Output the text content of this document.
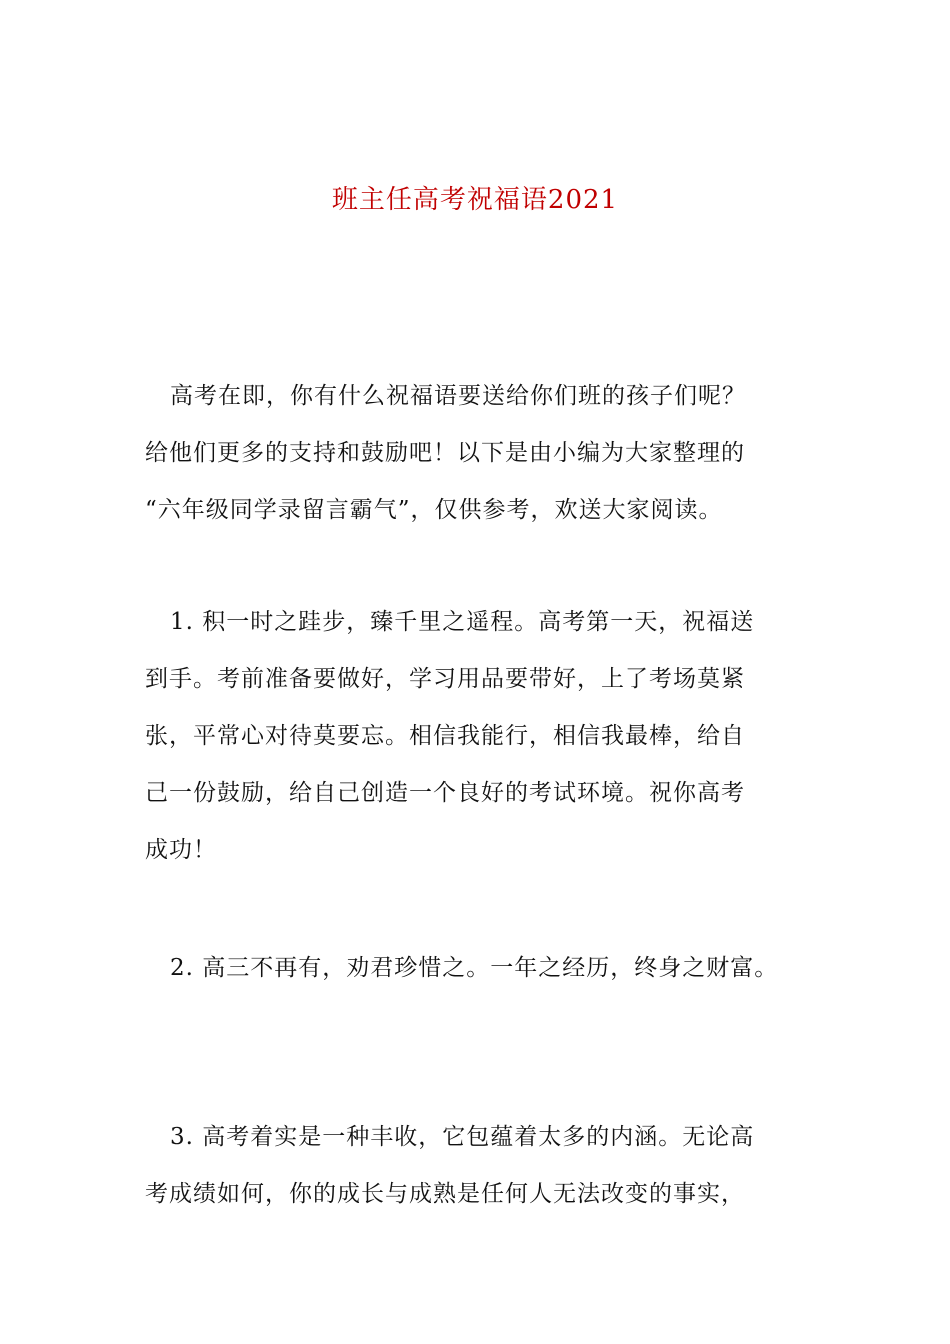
班主任高考祝福语2021
高考在即，你有什么祝福语要送给你们班的孩子们呢？
给他们更多的支持和鼓励吧！以下是由小编为大家整理的
“六年级同学录留言霸气”，仅供参考，欢送大家阅读。
1. 积一时之跬步，臻千里之遥程。高考第一天，祝福送
到手。考前准备要做好，学习用品要带好，上了考场莫紧
张，平常心对待莫要忘。相信我能行，相信我最棒，给自
己一份鼓励，给自己创造一个良好的考试环境。祝你高考
成功！
2. 高三不再有，劝君珍惜之。一年之经历，终身之财富。
3. 高考着实是一种丰收，它包蕴着太多的内涵。无论高
考成绩如何，你的成长与成熟是任何人无法改变的事实，
